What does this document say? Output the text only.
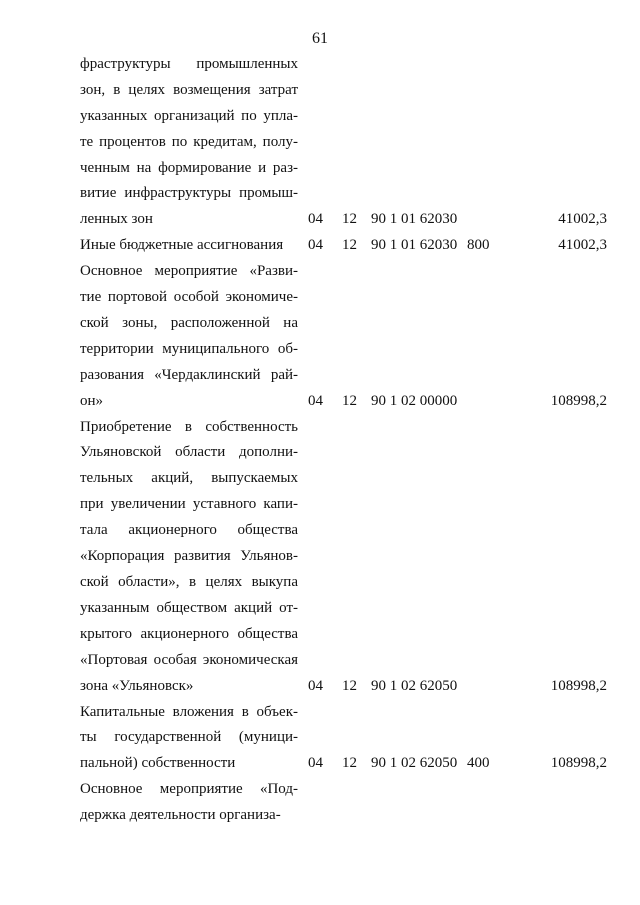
61
фраструктуры промышленных
зон, в целях возмещения затрат
указанных организаций по упла-
те процентов по кредитам, полу-
ченным на формирование и раз-
витие инфраструктуры промыш-
ленных зон	04 12 90 1 01 62030	41002,3
Иные бюджетные ассигнования	04 12 90 1 01 62030 800	41002,3
Основное мероприятие «Разви-
тие портовой особой экономиче-
ской зоны, расположенной на
территории муниципального об-
разования «Чердаклинский рай-
он»	04 12 90 1 02 00000	108998,2
Приобретение в собственность
Ульяновской области дополни-
тельных акций, выпускаемых
при увеличении уставного капи-
тала акционерного общества
«Корпорация развития Ульянов-
ской области», в целях выкупа
указанным обществом акций от-
крытого акционерного общества
«Портовая особая экономическая
зона «Ульяновск»	04 12 90 1 02 62050	108998,2
Капитальные вложения в объек-
ты государственной (муници-
пальной) собственности	04 12 90 1 02 62050 400	108998,2
Основное мероприятие «Под-
держка деятельности организа-
